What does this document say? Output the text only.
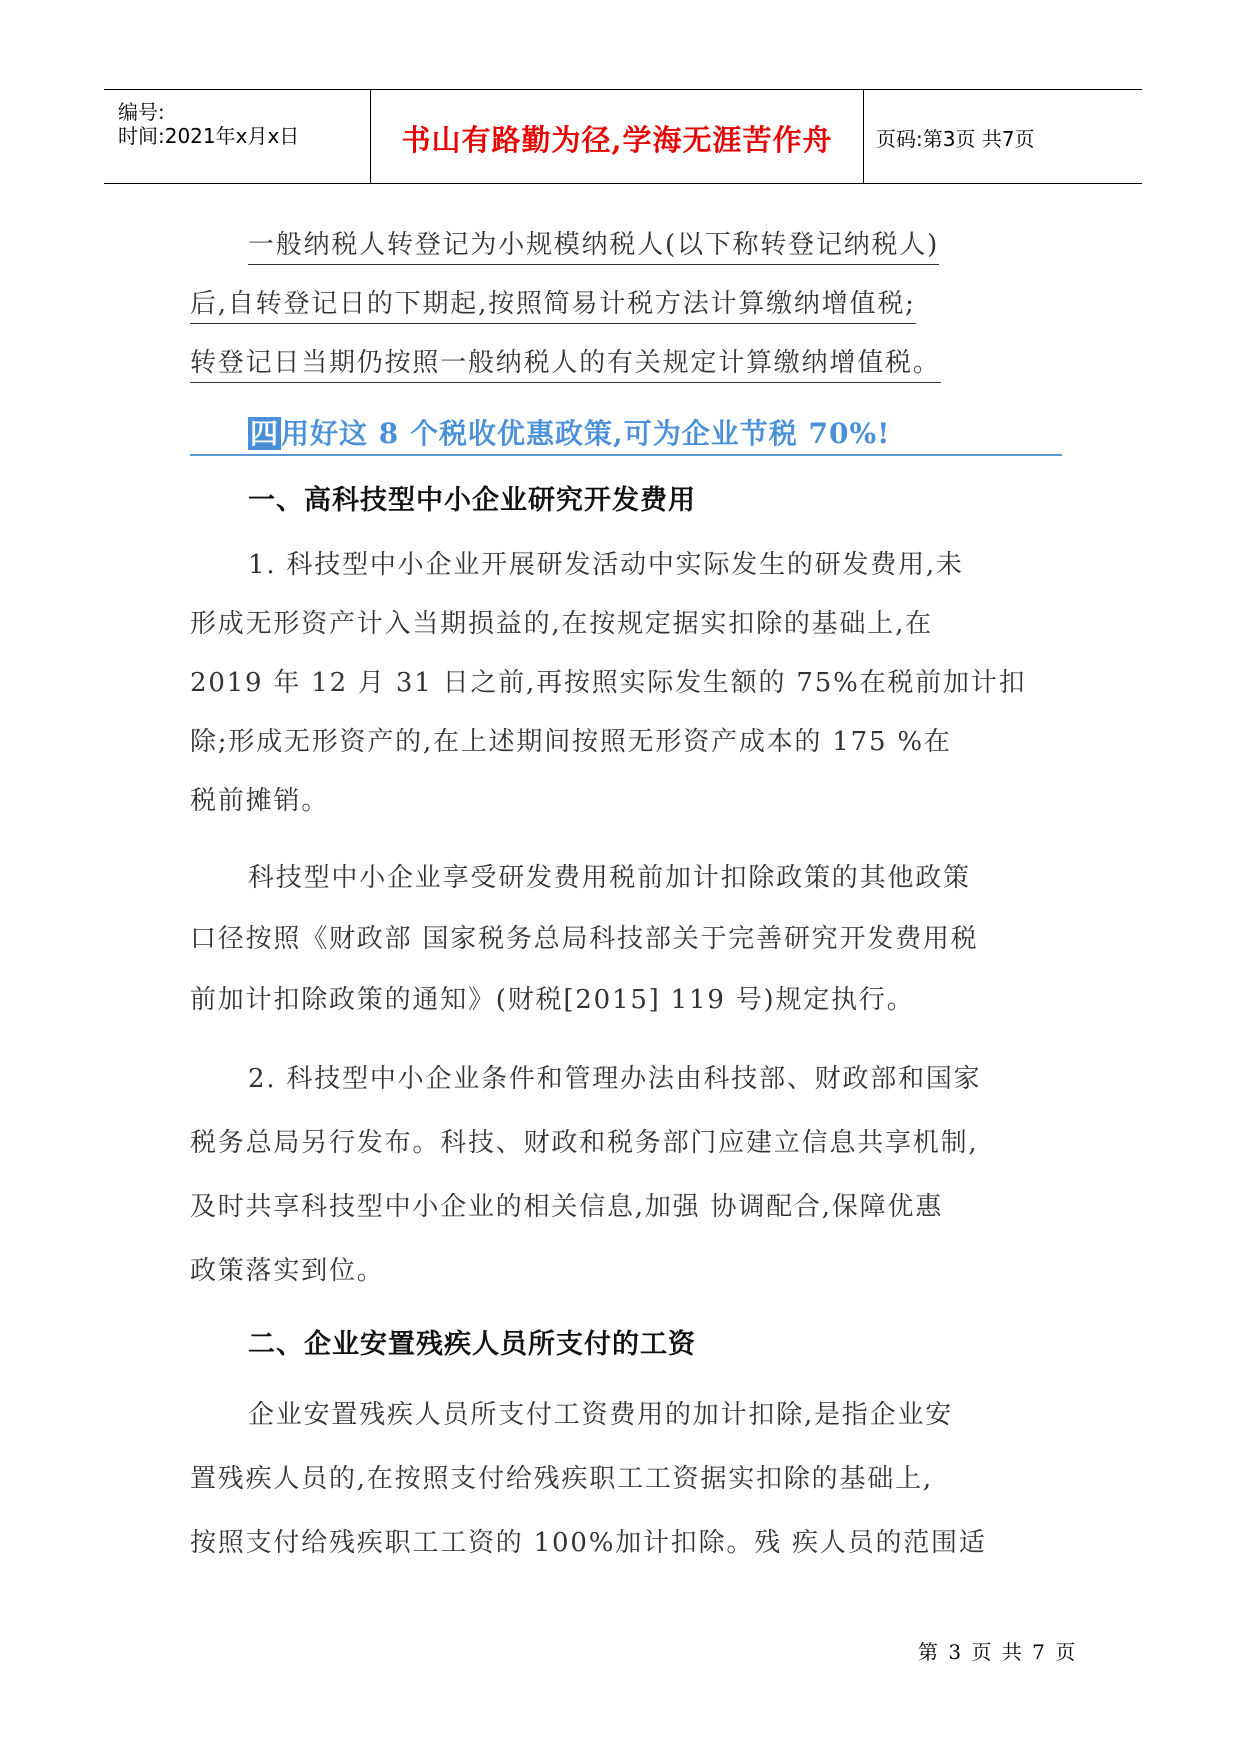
编号:
时间:2021年x月x日	书山有路勤为径,学海无涯苦作舟	页码:第3页 共7页
一般纳税人转登记为小规模纳税人(以下称转登记纳税人)
后,自转登记日的下期起,按照简易计税方法计算缴纳增值税;
转登记日当期仍按照一般纳税人的有关规定计算缴纳增值税。
四用好这 8 个税收优惠政策,可为企业节税 70%!
一、高科技型中小企业研究开发费用
1. 科技型中小企业开展研发活动中实际发生的研发费用,未
形成无形资产计入当期损益的,在按规定据实扣除的基础上,在
2019 年 12 月 31 日之前,再按照实际发生额的 75%在税前加计扣
除;形成无形资产的,在上述期间按照无形资产成本的 175 %在
税前摊销。
科技型中小企业享受研发费用税前加计扣除政策的其他政策
口径按照《财政部 国家税务总局科技部关于完善研究开发费用税
前加计扣除政策的通知》(财税[2015] 119 号)规定执行。
2. 科技型中小企业条件和管理办法由科技部、财政部和国家
税务总局另行发布。科技、财政和税务部门应建立信息共享机制,
及时共享科技型中小企业的相关信息,加强 协调配合,保障优惠
政策落实到位。
二、企业安置残疾人员所支付的工资
企业安置残疾人员所支付工资费用的加计扣除,是指企业安
置残疾人员的,在按照支付给残疾职工工资据实扣除的基础上,
按照支付给残疾职工工资的 100%加计扣除。残 疾人员的范围适
第 3 页 共 7 页
